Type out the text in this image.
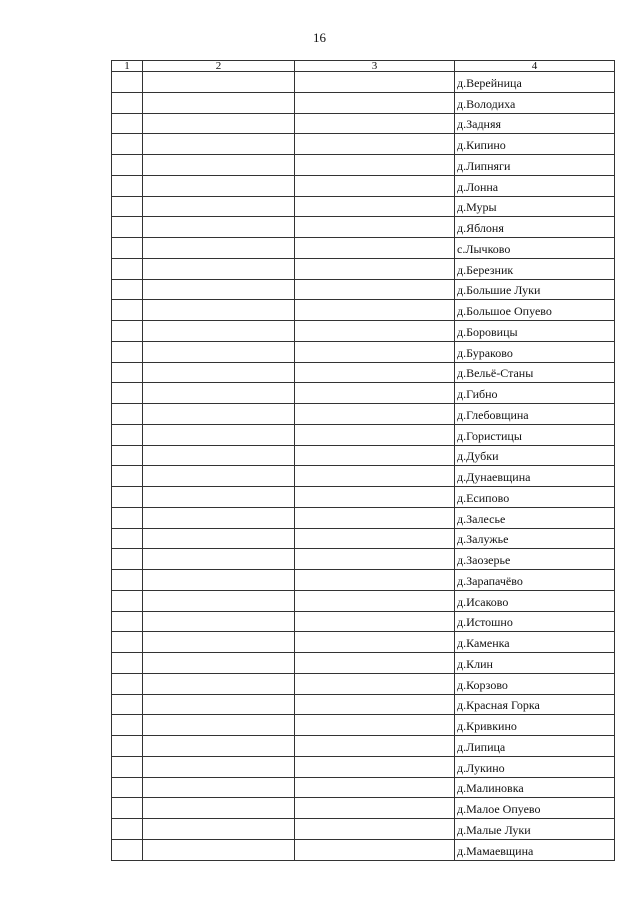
16
1	2	3	4
			д.Верейница
			д.Володиха
			д.Задняя
			д.Кипино
			д.Липняги
			д.Лонна
			д.Муры
			д.Яблоня
			с.Лычково
			д.Березник
			д.Большие Луки
			д.Большое Опуево
			д.Боровицы
			д.Бураково
			д.Вельё-Станы
			д.Гибно
			д.Глебовщина
			д.Гористицы
			д.Дубки
			д.Дунаевщина
			д.Есипово
			д.Залесье
			д.Залужье
			д.Заозерье
			д.Зарапачёво
			д.Исаково
			д.Истошно
			д.Каменка
			д.Клин
			д.Корзово
			д.Красная Горка
			д.Кривкино
			д.Липица
			д.Лукино
			д.Малиновка
			д.Малое Опуево
			д.Малые Луки
			д.Мамаевщина
